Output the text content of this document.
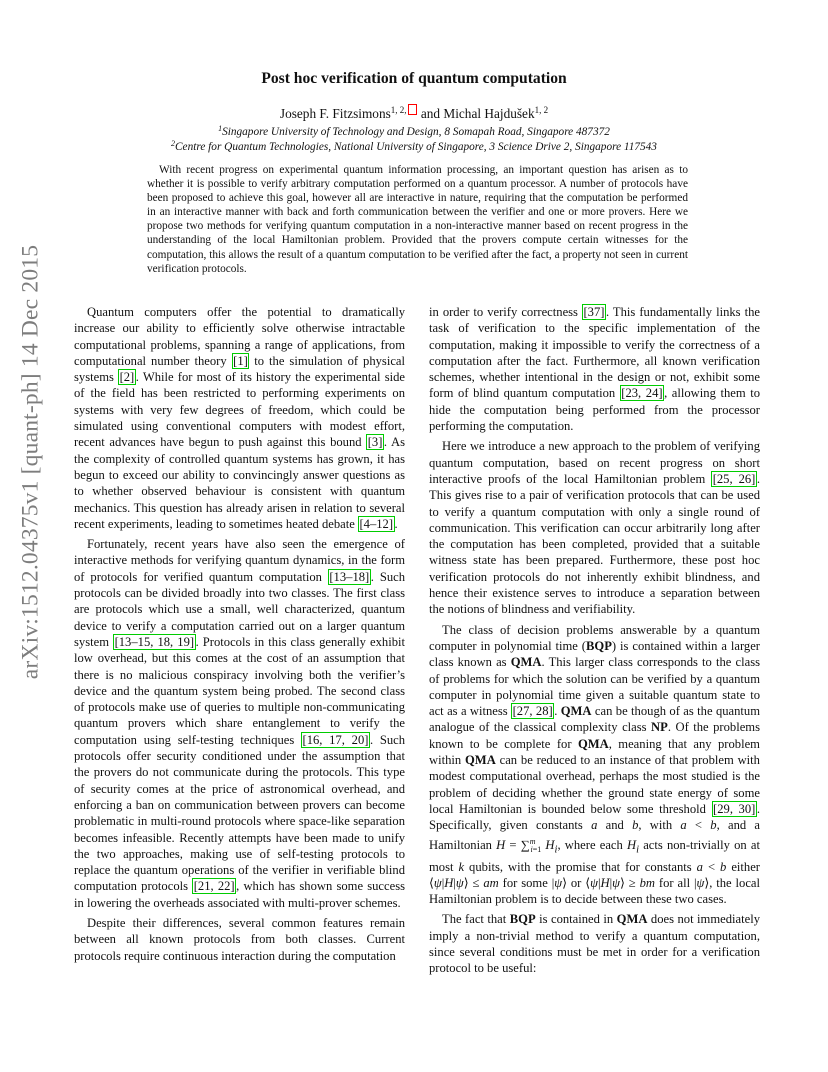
arXiv:1512.04375v1 [quant-ph] 14 Dec 2015
Post hoc verification of quantum computation
Joseph F. Fitzsimons$^{1, 2,}$ and Michal Hajdušek$^{1, 2}$
$^1$Singapore University of Technology and Design, 8 Somapah Road, Singapore 487372
$^2$Centre for Quantum Technologies, National University of Singapore, 3 Science Drive 2, Singapore 117543

With recent progress on experimental quantum information processing, an important question has arisen as to whether it is possible to verify arbitrary computation performed on a quantum processor. A number of protocols have been proposed to achieve this goal, however all are interactive in nature, requiring that the computation be performed in an interactive manner with back and forth communication between the verifier and one or more provers. Here we propose two methods for verifying quantum computation in a non-interactive manner based on recent progress in the understanding of the local Hamiltonian problem. Provided that the provers compute certain witnesses for the computation, this allows the result of a quantum computation to be verified after the fact, a property not seen in current verification protocols.

Quantum computers offer the potential to dramatically increase our ability to efficiently solve otherwise intractable computational problems, spanning a range of applications, from computational number theory [1] to the simulation of physical systems [2] . While for most of its history the experimental side of the field has been restricted to performing experiments on systems with very few degrees of freedom, which could be simulated using conventional computers with modest effort, recent advances have begun to push against this bound [3] . As the complexity of controlled quantum systems has grown, it has begun to exceed our ability to convincingly answer questions as to whether observed behaviour is consistent with quantum mechanics. This question has already arisen in relation to several recent experiments, leading to sometimes heated debate [4–12] .

Fortunately, recent years have also seen the emergence of interactive methods for verifying quantum dynamics, in the form of protocols for verified quantum computation [13–18] . Such protocols can be divided broadly into two classes. The first class are protocols which use a small, well characterized, quantum device to verify a computation carried out on a larger quantum system [13–15, 18, 19] . Protocols in this class generally exhibit low overhead, but this comes at the cost of an assumption that there is no malicious conspiracy involving both the verifier’s device and the quantum system being probed. The second class of protocols make use of queries to multiple non-communicating quantum provers which share entanglement to verify the computation using self-testing techniques [16, 17, 20] . Such protocols offer security conditioned under the assumption that the provers do not communicate during the protocols. This type of security comes at the price of astronomical overhead, and enforcing a ban on communication between provers can become problematic in multi-round protocols where space-like separation becomes infeasible. Recently attempts have been made to unify the two approaches, making use of self-testing protocols to replace the quantum operations of the verifier in verifiable blind computation protocols [21, 22] , which has shown some success in lowering the overheads associated with multi-prover schemes.

Despite their differences, several common features remain between all known protocols from both classes. Current protocols require continuous interaction during the computation

in order to verify correctness [37] . This fundamentally links the task of verification to the specific implementation of the computation, making it impossible to verify the correctness of a computation after the fact. Furthermore, all known verification schemes, whether intentional in the design or not, exhibit some form of blind quantum computation [23, 24] , allowing them to hide the computation being performed from the processor performing the computation.

Here we introduce a new approach to the problem of verifying quantum computation, based on recent progress on short interactive proofs of the local Hamiltonian problem [25, 26] . This gives rise to a pair of verification protocols that can be used to verify a quantum computation with only a single round of communication. This verification can occur arbitrarily long after the computation has been completed, provided that a suitable witness state has been prepared. Furthermore, these post hoc verification protocols do not inherently exhibit blindness, and hence their existence serves to introduce a separation between the notions of blindness and verifiability.

The class of decision problems answerable by a quantum computer in polynomial time (BQP) is contained within a larger class known as QMA. This larger class corresponds to the class of problems for which the solution can be verified by a quantum computer in polynomial time given a suitable quantum state to act as a witness [27, 28] . QMA can be though of as the quantum analogue of the classical complexity class NP. Of the problems known to be complete for QMA, meaning that any problem within QMA can be reduced to an instance of that problem with modest computational overhead, perhaps the most studied is the problem of deciding whether the ground state energy of some local Hamiltonian is bounded below some threshold [29, 30] . Specifically, given constants a and b, with a < b, and a Hamiltonian H = ∑$^m_{i=1}$ $H_i$, where each $H_i$ acts non-trivially on at most k qubits, with the promise that for constants a < b either ⟨ψ|H|ψ⟩ ≤ am for some |ψ⟩ or ⟨ψ|H|ψ⟩ ≥ bm for all |ψ⟩, the local Hamiltonian problem is to decide between these two cases.

The fact that BQP is contained in QMA does not immediately imply a non-trivial method to verify a quantum computation, since several conditions must be met in order for a verification protocol to be useful:
